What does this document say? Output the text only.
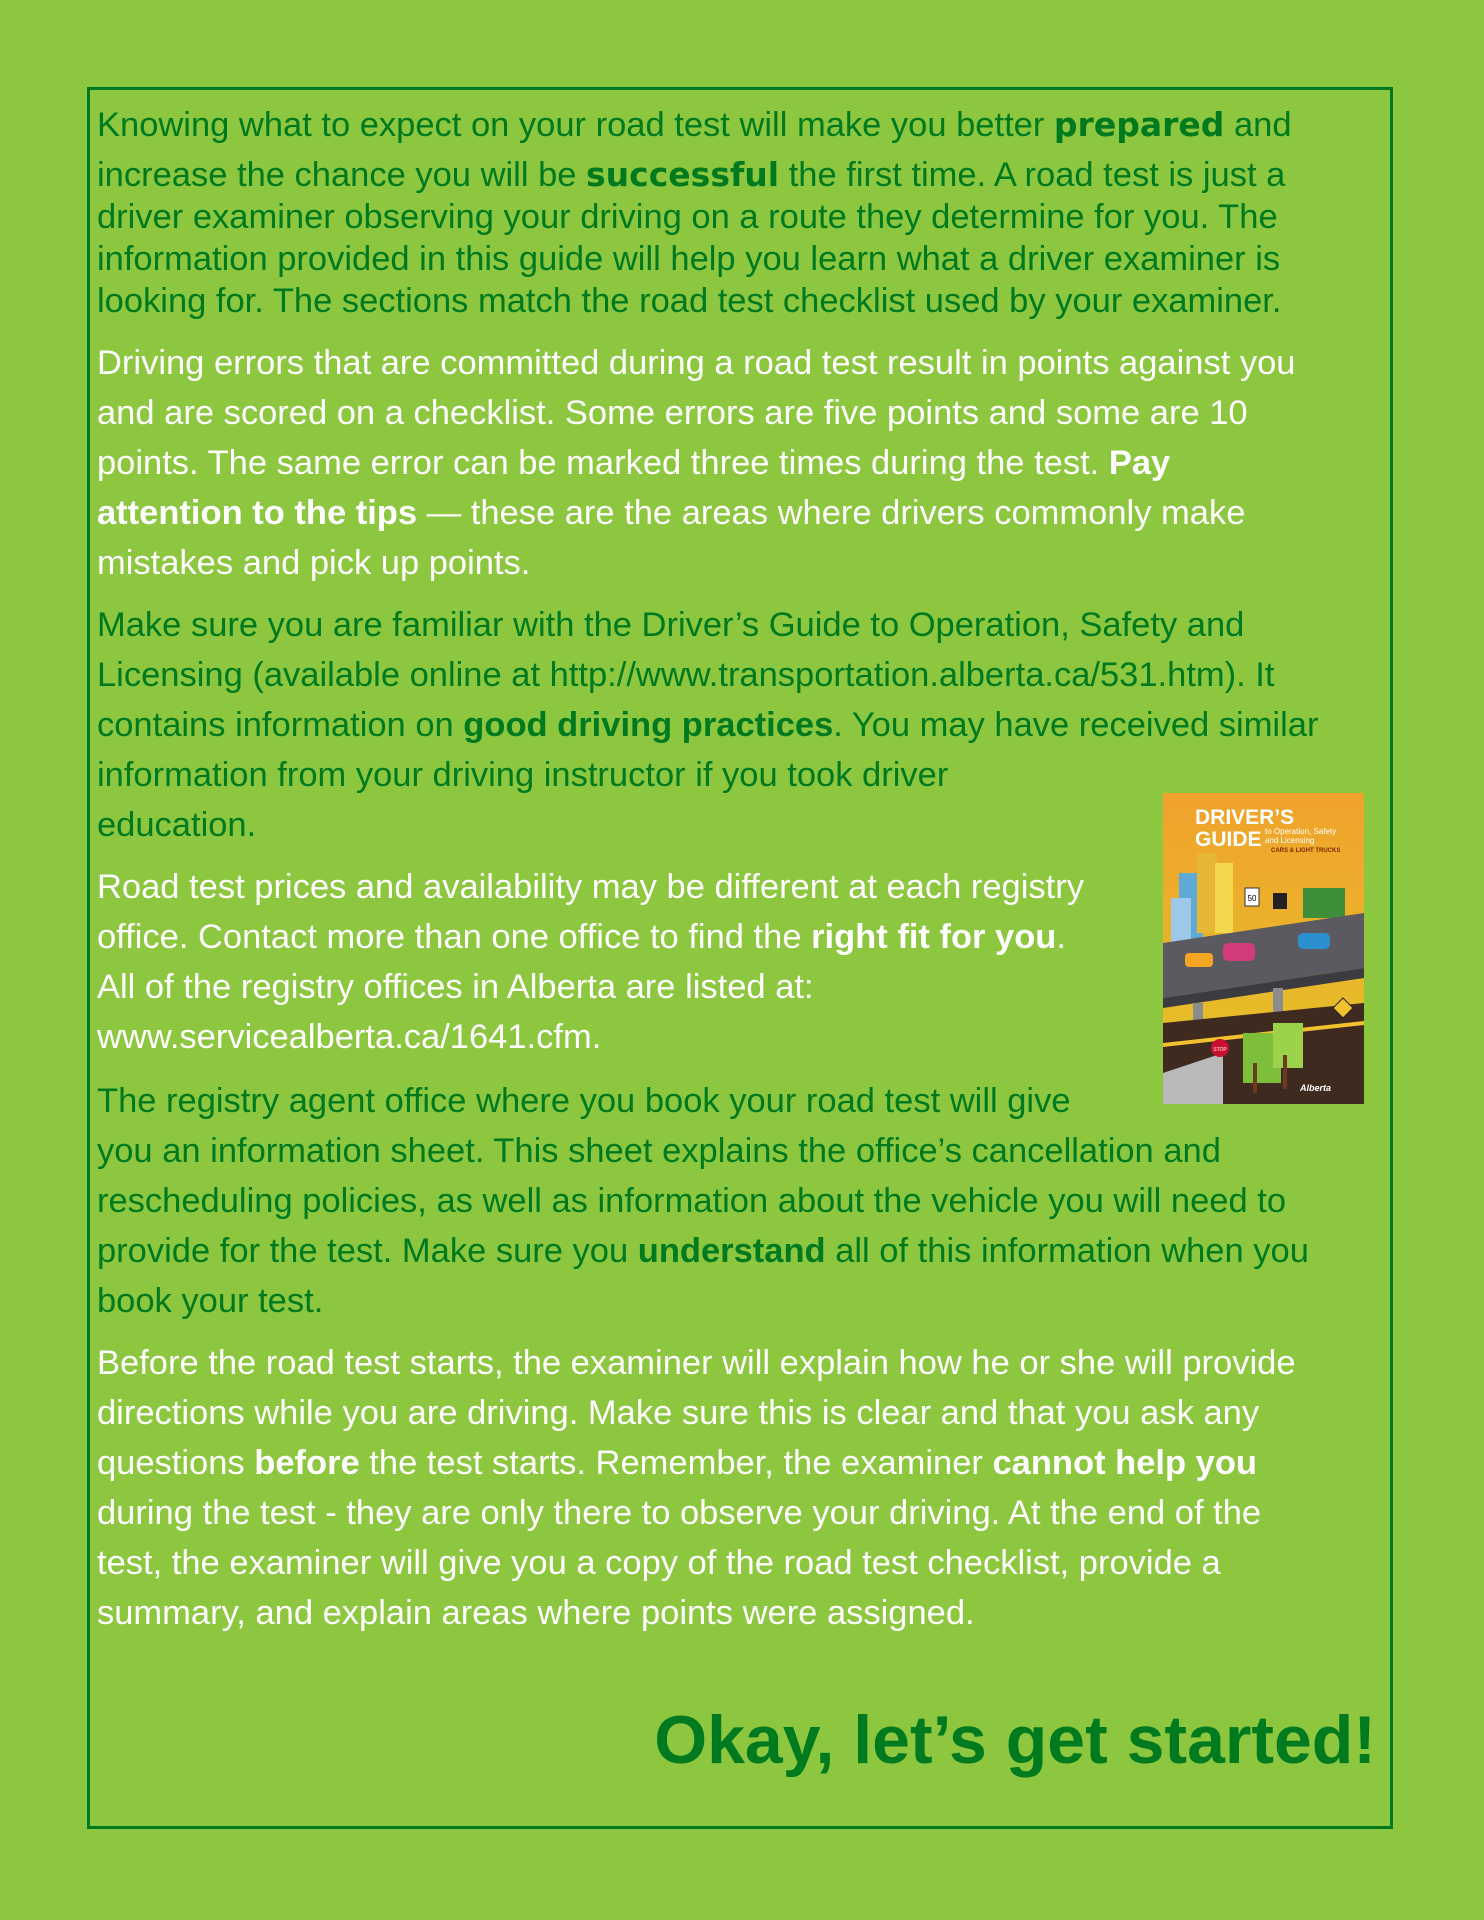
Knowing what to expect on your road test will make you better prepared and
increase the chance you will be successful the first time. A road test is just a
driver examiner observing your driving on a route they determine for you. The
information provided in this guide will help you learn what a driver examiner is
looking for. The sections match the road test checklist used by your examiner.
Driving errors that are committed during a road test result in points against you
and are scored on a checklist. Some errors are five points and some are 10
points. The same error can be marked three times during the test. Pay
attention to the tips — these are the areas where drivers commonly make
mistakes and pick up points.
Make sure you are familiar with the Driver’s Guide to Operation, Safety and
Licensing (available online at http://www.transportation.alberta.ca/531.htm). It
contains information on good driving practices. You may have received similar
information from your driving instructor if you took driver
education.
Road test prices and availability may be different at each registry
office. Contact more than one office to find the right fit for you.
All of the registry offices in Alberta are listed at:
www.servicealberta.ca/1641.cfm.
The registry agent office where you book your road test will give
you an information sheet. This sheet explains the office’s cancellation and
rescheduling policies, as well as information about the vehicle you will need to
provide for the test. Make sure you understand all of this information when you
book your test.
Before the road test starts, the examiner will explain how he or she will provide
directions while you are driving. Make sure this is clear and that you ask any
questions before the test starts. Remember, the examiner cannot help you
during the test - they are only there to observe your driving. At the end of the
test, the examiner will give you a copy of the road test checklist, provide a
summary, and explain areas where points were assigned.
50
STOP
DRIVER’S
GUIDE to Operation, Safety
and Licensing
CARS & LIGHT TRUCKS
Alberta
Okay, let’s get started!
